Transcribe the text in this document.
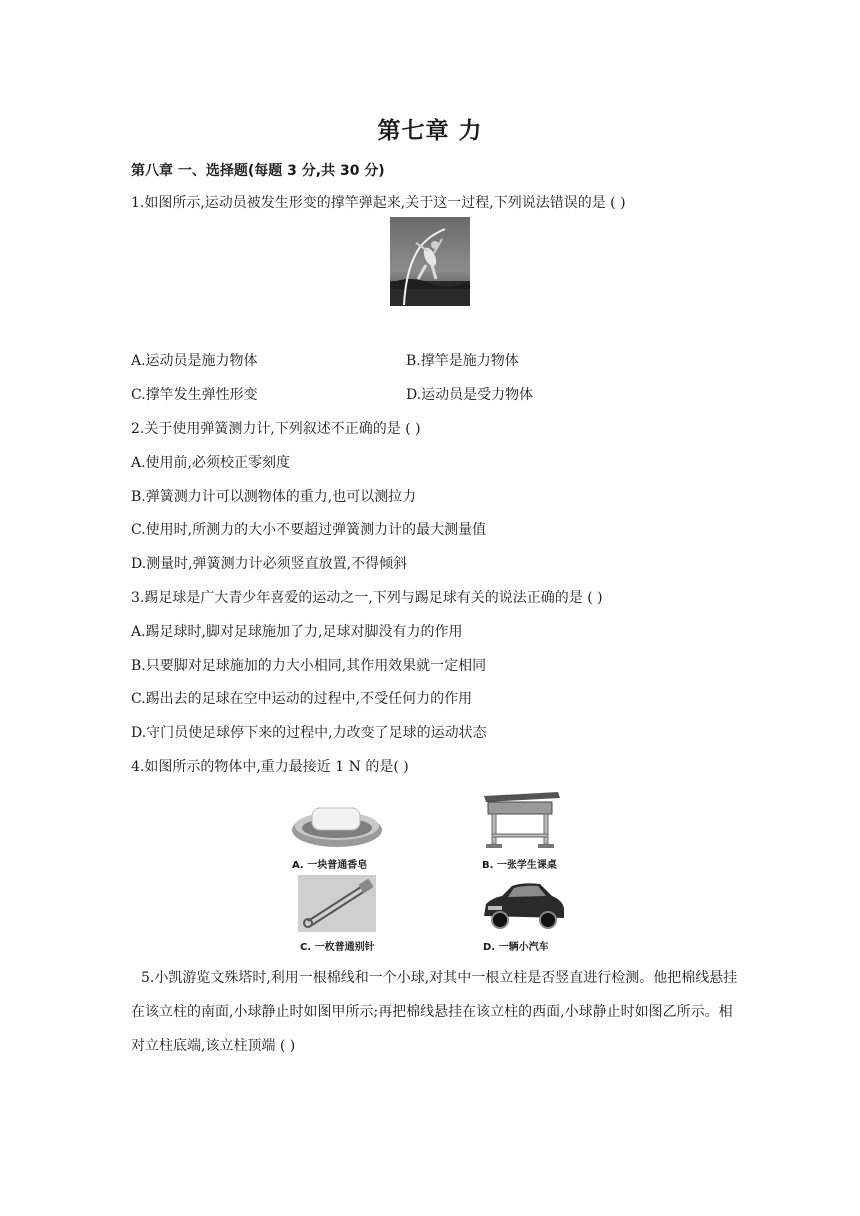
第七章 力
第八章 一、选择题(每题 3 分,共 30 分)
1.如图所示,运动员被发生形变的撑竿弹起来,关于这一过程,下列说法错误的是 ( )
A.运动员是施力物体	B.撑竿是施力物体
C.撑竿发生弹性形变	D.运动员是受力物体
2.关于使用弹簧测力计,下列叙述不正确的是 ( )
A.使用前,必须校正零刻度
B.弹簧测力计可以测物体的重力,也可以测拉力
C.使用时,所测力的大小不要超过弹簧测力计的最大测量值
D.测量时,弹簧测力计必须竖直放置,不得倾斜
3.踢足球是广大青少年喜爱的运动之一,下列与踢足球有关的说法正确的是 ( )
A.踢足球时,脚对足球施加了力,足球对脚没有力的作用
B.只要脚对足球施加的力大小相同,其作用效果就一定相同
C.踢出去的足球在空中运动的过程中,不受任何力的作用
D.守门员使足球停下来的过程中,力改变了足球的运动状态
4.如图所示的物体中,重力最接近 1 N 的是( )
A. 一块普通香皂	B. 一张学生课桌
C. 一枚普通别针	D. 一辆小汽车
5.小凯游览文殊塔时,利用一根棉线和一个小球,对其中一根立柱是否竖直进行检测。他把棉线悬挂在该立柱的南面,小球静止时如图甲所示;再把棉线悬挂在该立柱的西面,小球静止时如图乙所示。相对立柱底端,该立柱顶端 ( )
